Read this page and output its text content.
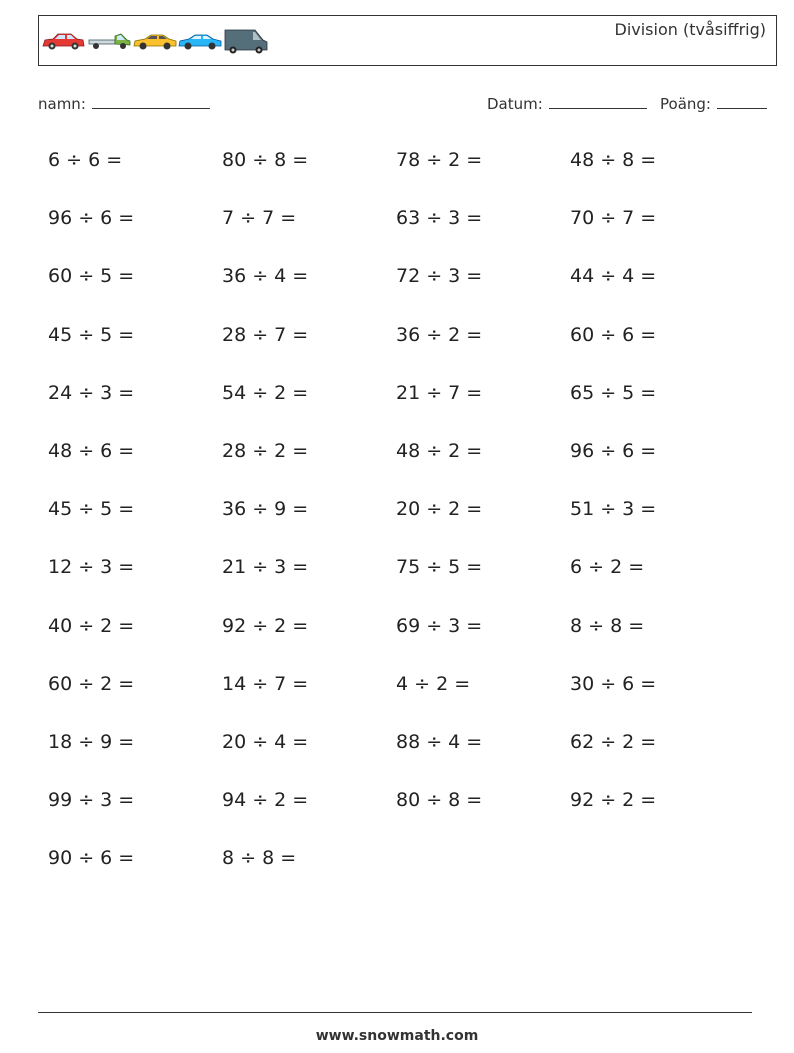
Division (tvåsiffrig)
namn:	Datum:	Poäng:
6 ÷ 6 =	80 ÷ 8 =	78 ÷ 2 =	48 ÷ 8 =
96 ÷ 6 =	7 ÷ 7 =	63 ÷ 3 =	70 ÷ 7 =
60 ÷ 5 =	36 ÷ 4 =	72 ÷ 3 =	44 ÷ 4 =
45 ÷ 5 =	28 ÷ 7 =	36 ÷ 2 =	60 ÷ 6 =
24 ÷ 3 =	54 ÷ 2 =	21 ÷ 7 =	65 ÷ 5 =
48 ÷ 6 =	28 ÷ 2 =	48 ÷ 2 =	96 ÷ 6 =
45 ÷ 5 =	36 ÷ 9 =	20 ÷ 2 =	51 ÷ 3 =
12 ÷ 3 =	21 ÷ 3 =	75 ÷ 5 =	6 ÷ 2 =
40 ÷ 2 =	92 ÷ 2 =	69 ÷ 3 =	8 ÷ 8 =
60 ÷ 2 =	14 ÷ 7 =	4 ÷ 2 =	30 ÷ 6 =
18 ÷ 9 =	20 ÷ 4 =	88 ÷ 4 =	62 ÷ 2 =
99 ÷ 3 =	94 ÷ 2 =	80 ÷ 8 =	92 ÷ 2 =
90 ÷ 6 =	8 ÷ 8 =
www.snowmath.com
